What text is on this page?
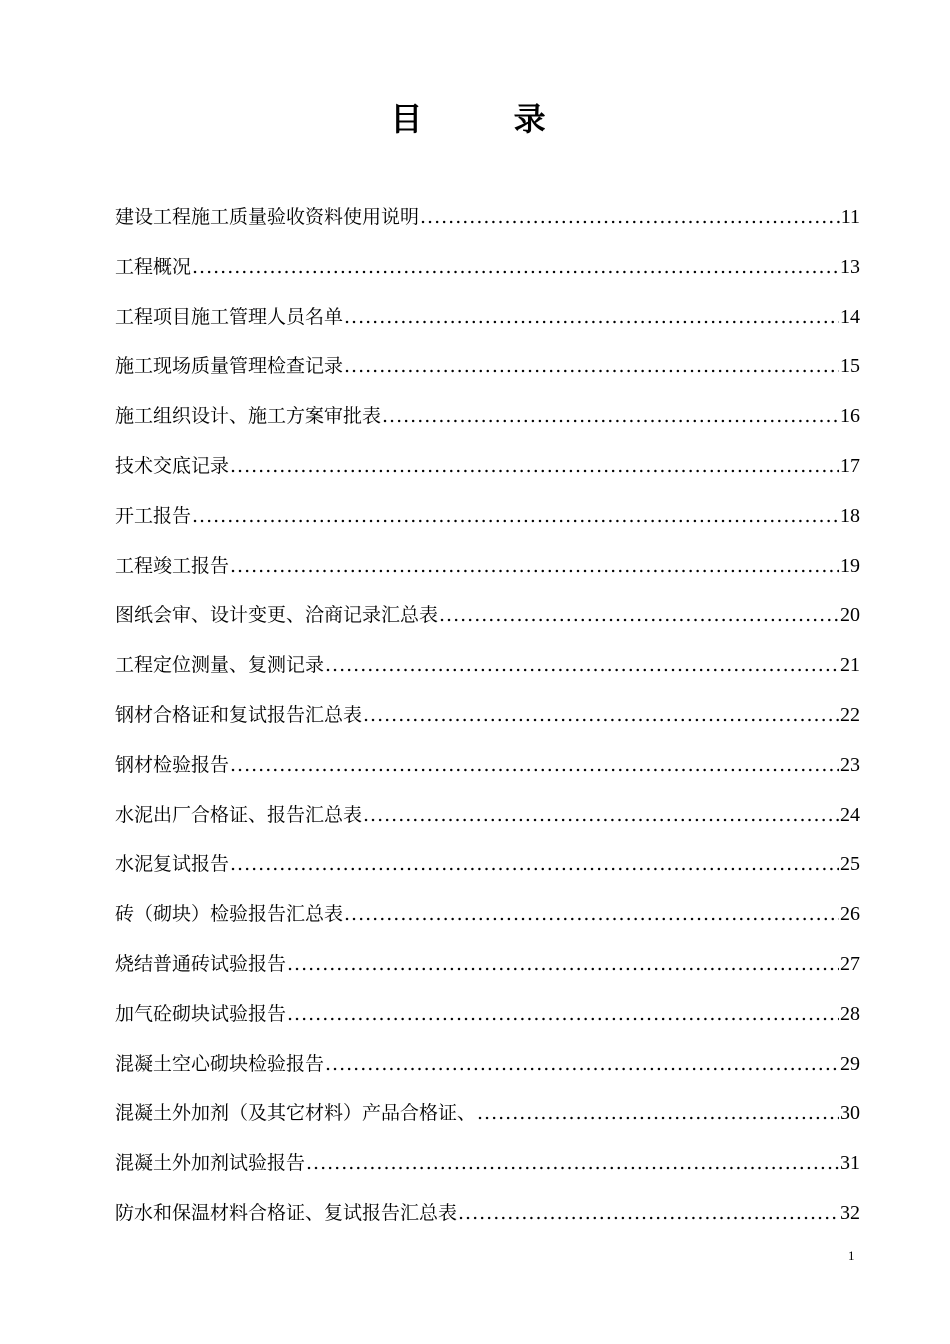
目 录
建设工程施工质量验收资料使用说明 .....	11
工程概况 .....	13
工程项目施工管理人员名单 .....	14
施工现场质量管理检查记录 .....	15
施工组织设计、施工方案审批表 .....	16
技术交底记录 .....	17
开工报告 .....	18
工程竣工报告 .....	19
图纸会审、设计变更、洽商记录汇总表 .....	20
工程定位测量、复测记录 .....	21
钢材合格证和复试报告汇总表 .....	22
钢材检验报告 .....	23
水泥出厂合格证、报告汇总表 .....	24
水泥复试报告 .....	25
砖（砌块）检验报告汇总表 .....	26
烧结普通砖试验报告 .....	27
加气砼砌块试验报告 .....	28
混凝土空心砌块检验报告 .....	29
混凝土外加剂（及其它材料）产品合格证、 .....	30
混凝土外加剂试验报告 .....	31
防水和保温材料合格证、复试报告汇总表 .....	32
1
